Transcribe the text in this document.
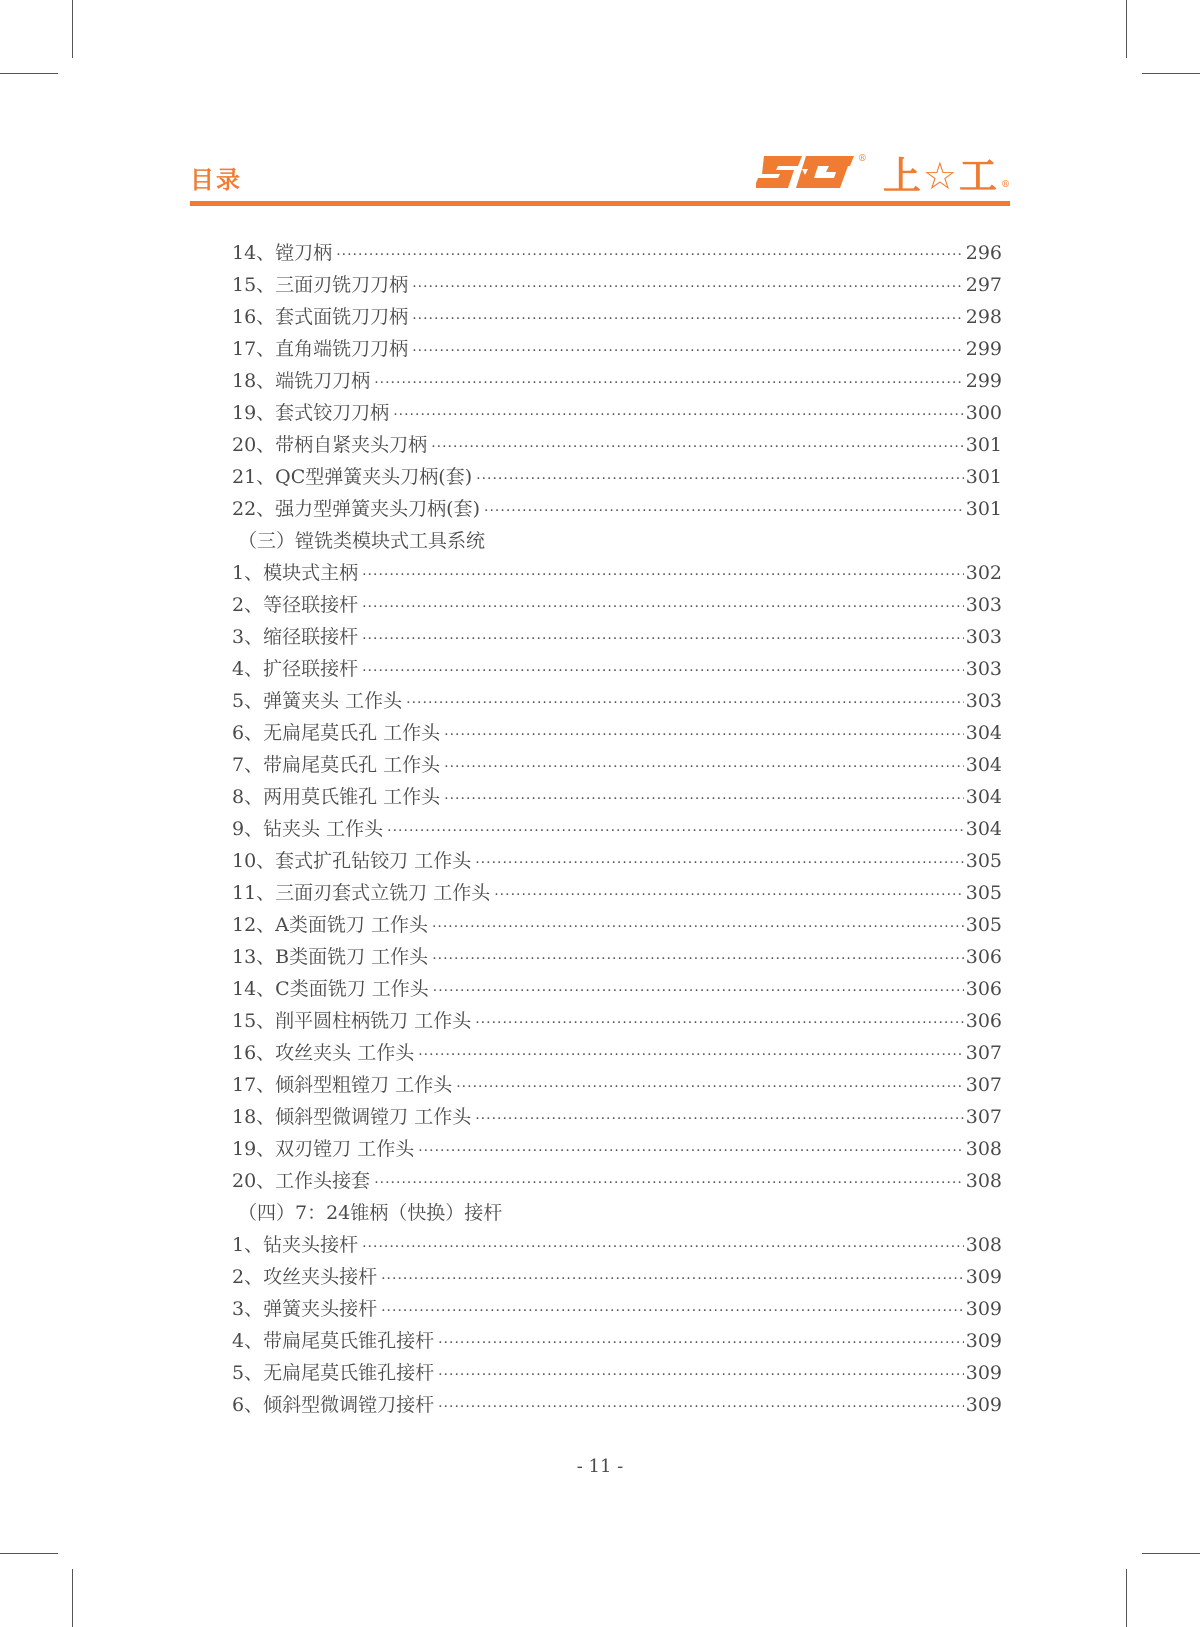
目录
® 上☆工 ®
14、镗刀柄 ·····	296
15、三面刃铣刀刀柄 ·····	297
16、套式面铣刀刀柄 ·····	298
17、直角端铣刀刀柄 ·····	299
18、端铣刀刀柄 ·····	299
19、套式铰刀刀柄 ·····	300
20、带柄自紧夹头刀柄 ·····	301
21、QC型弹簧夹头刀柄(套) ·····	301
22、强力型弹簧夹头刀柄(套) ·····	301
（三）镗铣类模块式工具系统
1、模块式主柄 ·····	302
2、等径联接杆 ·····	303
3、缩径联接杆 ·····	303
4、扩径联接杆 ·····	303
5、弹簧夹头 工作头 ·····	303
6、无扁尾莫氏孔 工作头 ·····	304
7、带扁尾莫氏孔 工作头 ·····	304
8、两用莫氏锥孔 工作头 ·····	304
9、钻夹头 工作头 ·····	304
10、套式扩孔钻铰刀 工作头 ·····	305
11、三面刃套式立铣刀 工作头 ·····	305
12、A类面铣刀 工作头 ·····	305
13、B类面铣刀 工作头 ·····	306
14、C类面铣刀 工作头 ·····	306
15、削平圆柱柄铣刀 工作头 ·····	306
16、攻丝夹头 工作头 ·····	307
17、倾斜型粗镗刀 工作头 ·····	307
18、倾斜型微调镗刀 工作头 ·····	307
19、双刃镗刀 工作头 ·····	308
20、工作头接套 ·····	308
（四）7：24锥柄（快换）接杆
1、钻夹头接杆 ·····	308
2、攻丝夹头接杆 ·····	309
3、弹簧夹头接杆 ·····	309
4、带扁尾莫氏锥孔接杆 ·····	309
5、无扁尾莫氏锥孔接杆 ·····	309
6、倾斜型微调镗刀接杆 ·····	309
- 11 -
